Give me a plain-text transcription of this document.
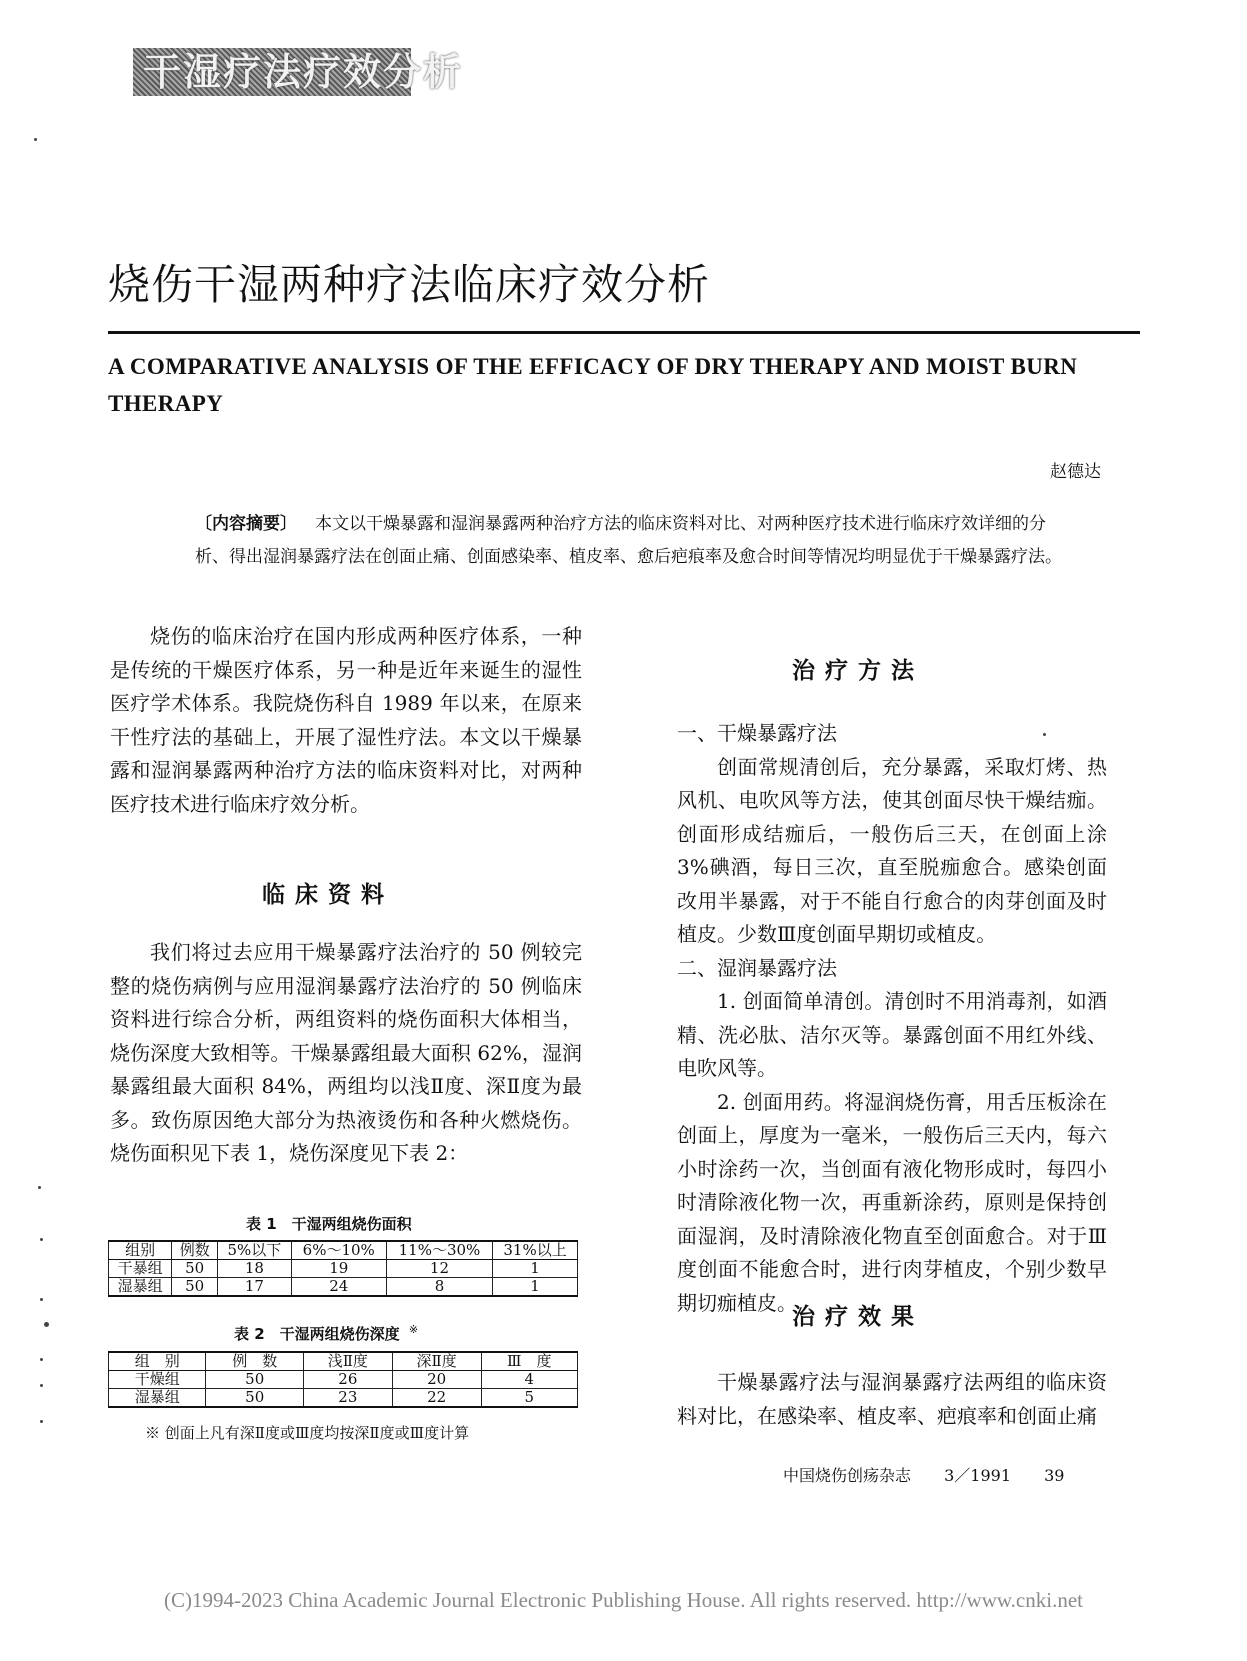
干湿疗法疗效分析
烧伤干湿两种疗法临床疗效分析
A COMPARATIVE ANALYSIS OF THE EFFICACY OF DRY THERAPY AND MOIST BURN THERAPY
赵德达
〔内容摘要〕 本文以干燥暴露和湿润暴露两种治疗方法的临床资料对比、对两种医疗技术进行临床疗效详细的分析、得出湿润暴露疗法在创面止痛、创面感染率、植皮率、愈后疤痕率及愈合时间等情况均明显优于干燥暴露疗法。

烧伤的临床治疗在国内形成两种医疗体系，一种是传统的干燥医疗体系，另一种是近年来诞生的湿性医疗学术体系。我院烧伤科自 1989 年以来，在原来干性疗法的基础上，开展了湿性疗法。本文以干燥暴露和湿润暴露两种治疗方法的临床资料对比，对两种医疗技术进行临床疗效分析。

临床资料

我们将过去应用干燥暴露疗法治疗的 50 例较完整的烧伤病例与应用湿润暴露疗法治疗的 50 例临床资料进行综合分析，两组资料的烧伤面积大体相当，烧伤深度大致相等。干燥暴露组最大面积 62%，湿润暴露组最大面积 84%，两组均以浅Ⅱ度、深Ⅱ度为最多。致伤原因绝大部分为热液烫伤和各种火燃烧伤。烧伤面积见下表 1，烧伤深度见下表 2：

表 1　干湿两组烧伤面积
组别	例数	5%以下	6%～10%	11%～30%	31%以上
干暴组	50	18	19	12	1
湿暴组	50	17	24	8	1
表 2　干湿两组烧伤深度 ※
组　别	例　数	浅Ⅱ度	深Ⅱ度	Ⅲ　度
干燥组	50	26	20	4
湿暴组	50	23	22	5
※ 创面上凡有深Ⅱ度或Ⅲ度均按深Ⅱ度或Ⅲ度计算
治疗方法

一、干燥暴露疗法

创面常规清创后，充分暴露，采取灯烤、热风机、电吹风等方法，使其创面尽快干燥结痂。创面形成结痂后，一般伤后三天，在创面上涂3%碘酒，每日三次，直至脱痂愈合。感染创面改用半暴露，对于不能自行愈合的肉芽创面及时植皮。少数Ⅲ度创面早期切或植皮。

二、湿润暴露疗法

1. 创面简单清创。清创时不用消毒剂，如酒精、洗必肽、洁尔灭等。暴露创面不用红外线、电吹风等。

2. 创面用药。将湿润烧伤膏，用舌压板涂在创面上，厚度为一毫米，一般伤后三天内，每六小时涂药一次，当创面有液化物形成时，每四小时清除液化物一次，再重新涂药，原则是保持创面湿润，及时清除液化物直至创面愈合。对于Ⅲ度创面不能愈合时，进行肉芽植皮，个别少数早期切痂植皮。

治疗效果

干燥暴露疗法与湿润暴露疗法两组的临床资料对比，在感染率、植皮率、疤痕率和创面止痛

中国烧伤创疡杂志 3／1991 39
(C)1994-2023 China Academic Journal Electronic Publishing House. All rights reserved. http://www.cnki.net
